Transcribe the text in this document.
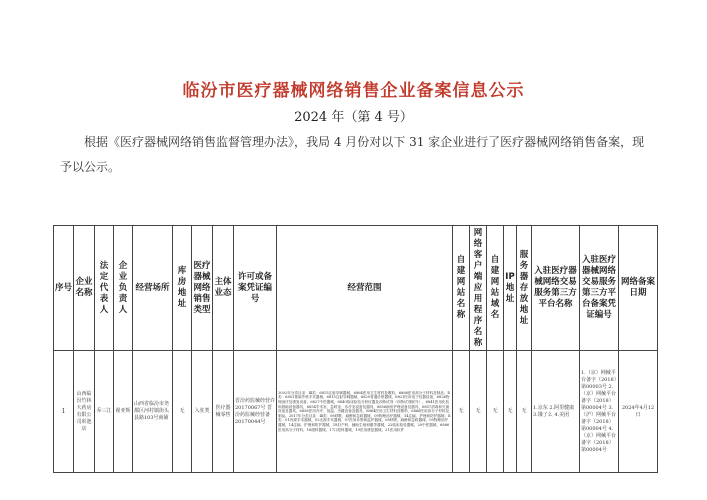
临汾市医疗器械网络销售企业备案信息公示
2024 年（第 4 号）
根据《医疗器械网络销售监督管理办法》，我局 4 月份对以下 31 家企业进行了医疗器械网络销售备案，现予以公示。
序号	企业名称	法定代表人	企业负责人	经营场所	库房地址	医疗器械网络销售类型	主体业态	许可或备案凭证编号	经营范围	自建网站名称	网络客户端应用程序名称	自建网站域名	IP地址	服务器存放地址	入驻医疗器械网络交易服务第三方平台名称	入驻医疗器械网络交易服务第三方平台备案凭证编号	网络备案日期
1	山西临汾竹林大药房有限公司彰池店	乔三江	翟亚辉	山西省临汾市尧都区河村镇街头县路103号商铺	无	入驻类	医疗器械零售	晋汾药监械经营许20170067号 晋汾药监械经营备20170044号	2002年分类目录：Ⅲ类：6815注射穿刺器械，6864医用卫生材料及敷料，6866医用高分子材料及制品；Ⅱ类：6801基础外科手术器械，6815注射穿刺器械，6820普通诊察器械，6821医用电子仪器设备，6826物理治疗及康复设备，6827中医器械，6840临床检验分析仪器及诊断试剂（诊断试剂除外），6841医用化验和基础设备器具，6854手术室、急救室、诊疗室设备及器具，6856病房护理设备及器具，6857消毒和灭菌设备及器具，6858医用冷疗、低温、冷藏设备及器具，6864医用卫生材料及敷料，6866医用高分子材料及制品。2017年分类目录：Ⅲ类：08呼吸、麻醉和急救器械，09物理治疗器械，14注输、护理和防护器械；Ⅱ类：01有源手术器械，02无源手术器械，07医用诊察和监护器械，08呼吸、麻醉和急救器械，09物理治疗器械，14注输、护理和防护器械，18妇产科、辅助生殖和避孕器械，22临床检验器械，20中医器械，6866医用高分子材料，16眼科器械，17口腔科器械，19医用康复器械，21医用软件	无	无	无	无	无	1.京东 2.阿里健康 3.饿了么 4.美团	1.（京）网械平台备字（2018）第00003号 2.（京）网械平台备字（2018）第00004号 3.（沪）网械平台备字（2018）第00004号 4.（京）网械平台备字（2018）第00004号	2024年4月12日
